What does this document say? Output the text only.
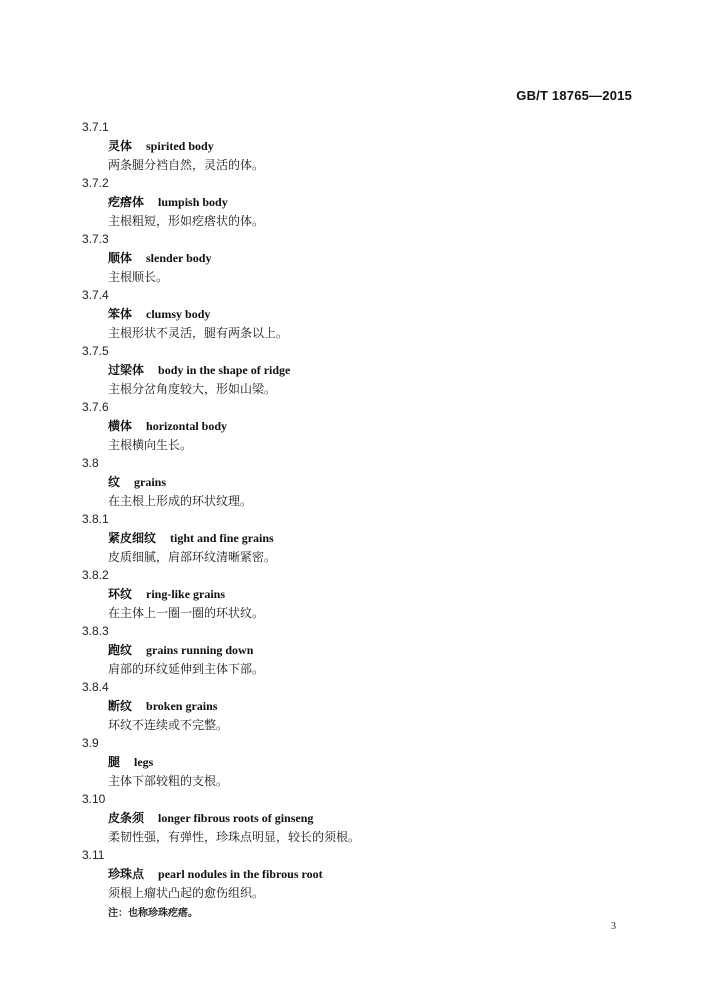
GB/T 18765—2015
3.7.1
灵体 spirited body
两条腿分裆自然，灵活的体。
3.7.2
疙瘩体 lumpish body
主根粗短，形如疙瘩状的体。
3.7.3
顺体 slender body
主根顺长。
3.7.4
笨体 clumsy body
主根形状不灵活，腿有两条以上。
3.7.5
过梁体 body in the shape of ridge
主根分岔角度较大，形如山梁。
3.7.6
横体 horizontal body
主根横向生长。
3.8
纹 grains
在主根上形成的环状纹理。
3.8.1
紧皮细纹 tight and fine grains
皮质细腻，肩部环纹清晰紧密。
3.8.2
环纹 ring-like grains
在主体上一圈一圈的环状纹。
3.8.3
跑纹 grains running down
肩部的环纹延伸到主体下部。
3.8.4
断纹 broken grains
环纹不连续或不完整。
3.9
腿 legs
主体下部较粗的支根。
3.10
皮条须 longer fibrous roots of ginseng
柔韧性强，有弹性，珍珠点明显，较长的须根。
3.11
珍珠点 pearl nodules in the fibrous root
须根上瘤状凸起的愈伤组织。
注：也称珍珠疙瘩。
3
